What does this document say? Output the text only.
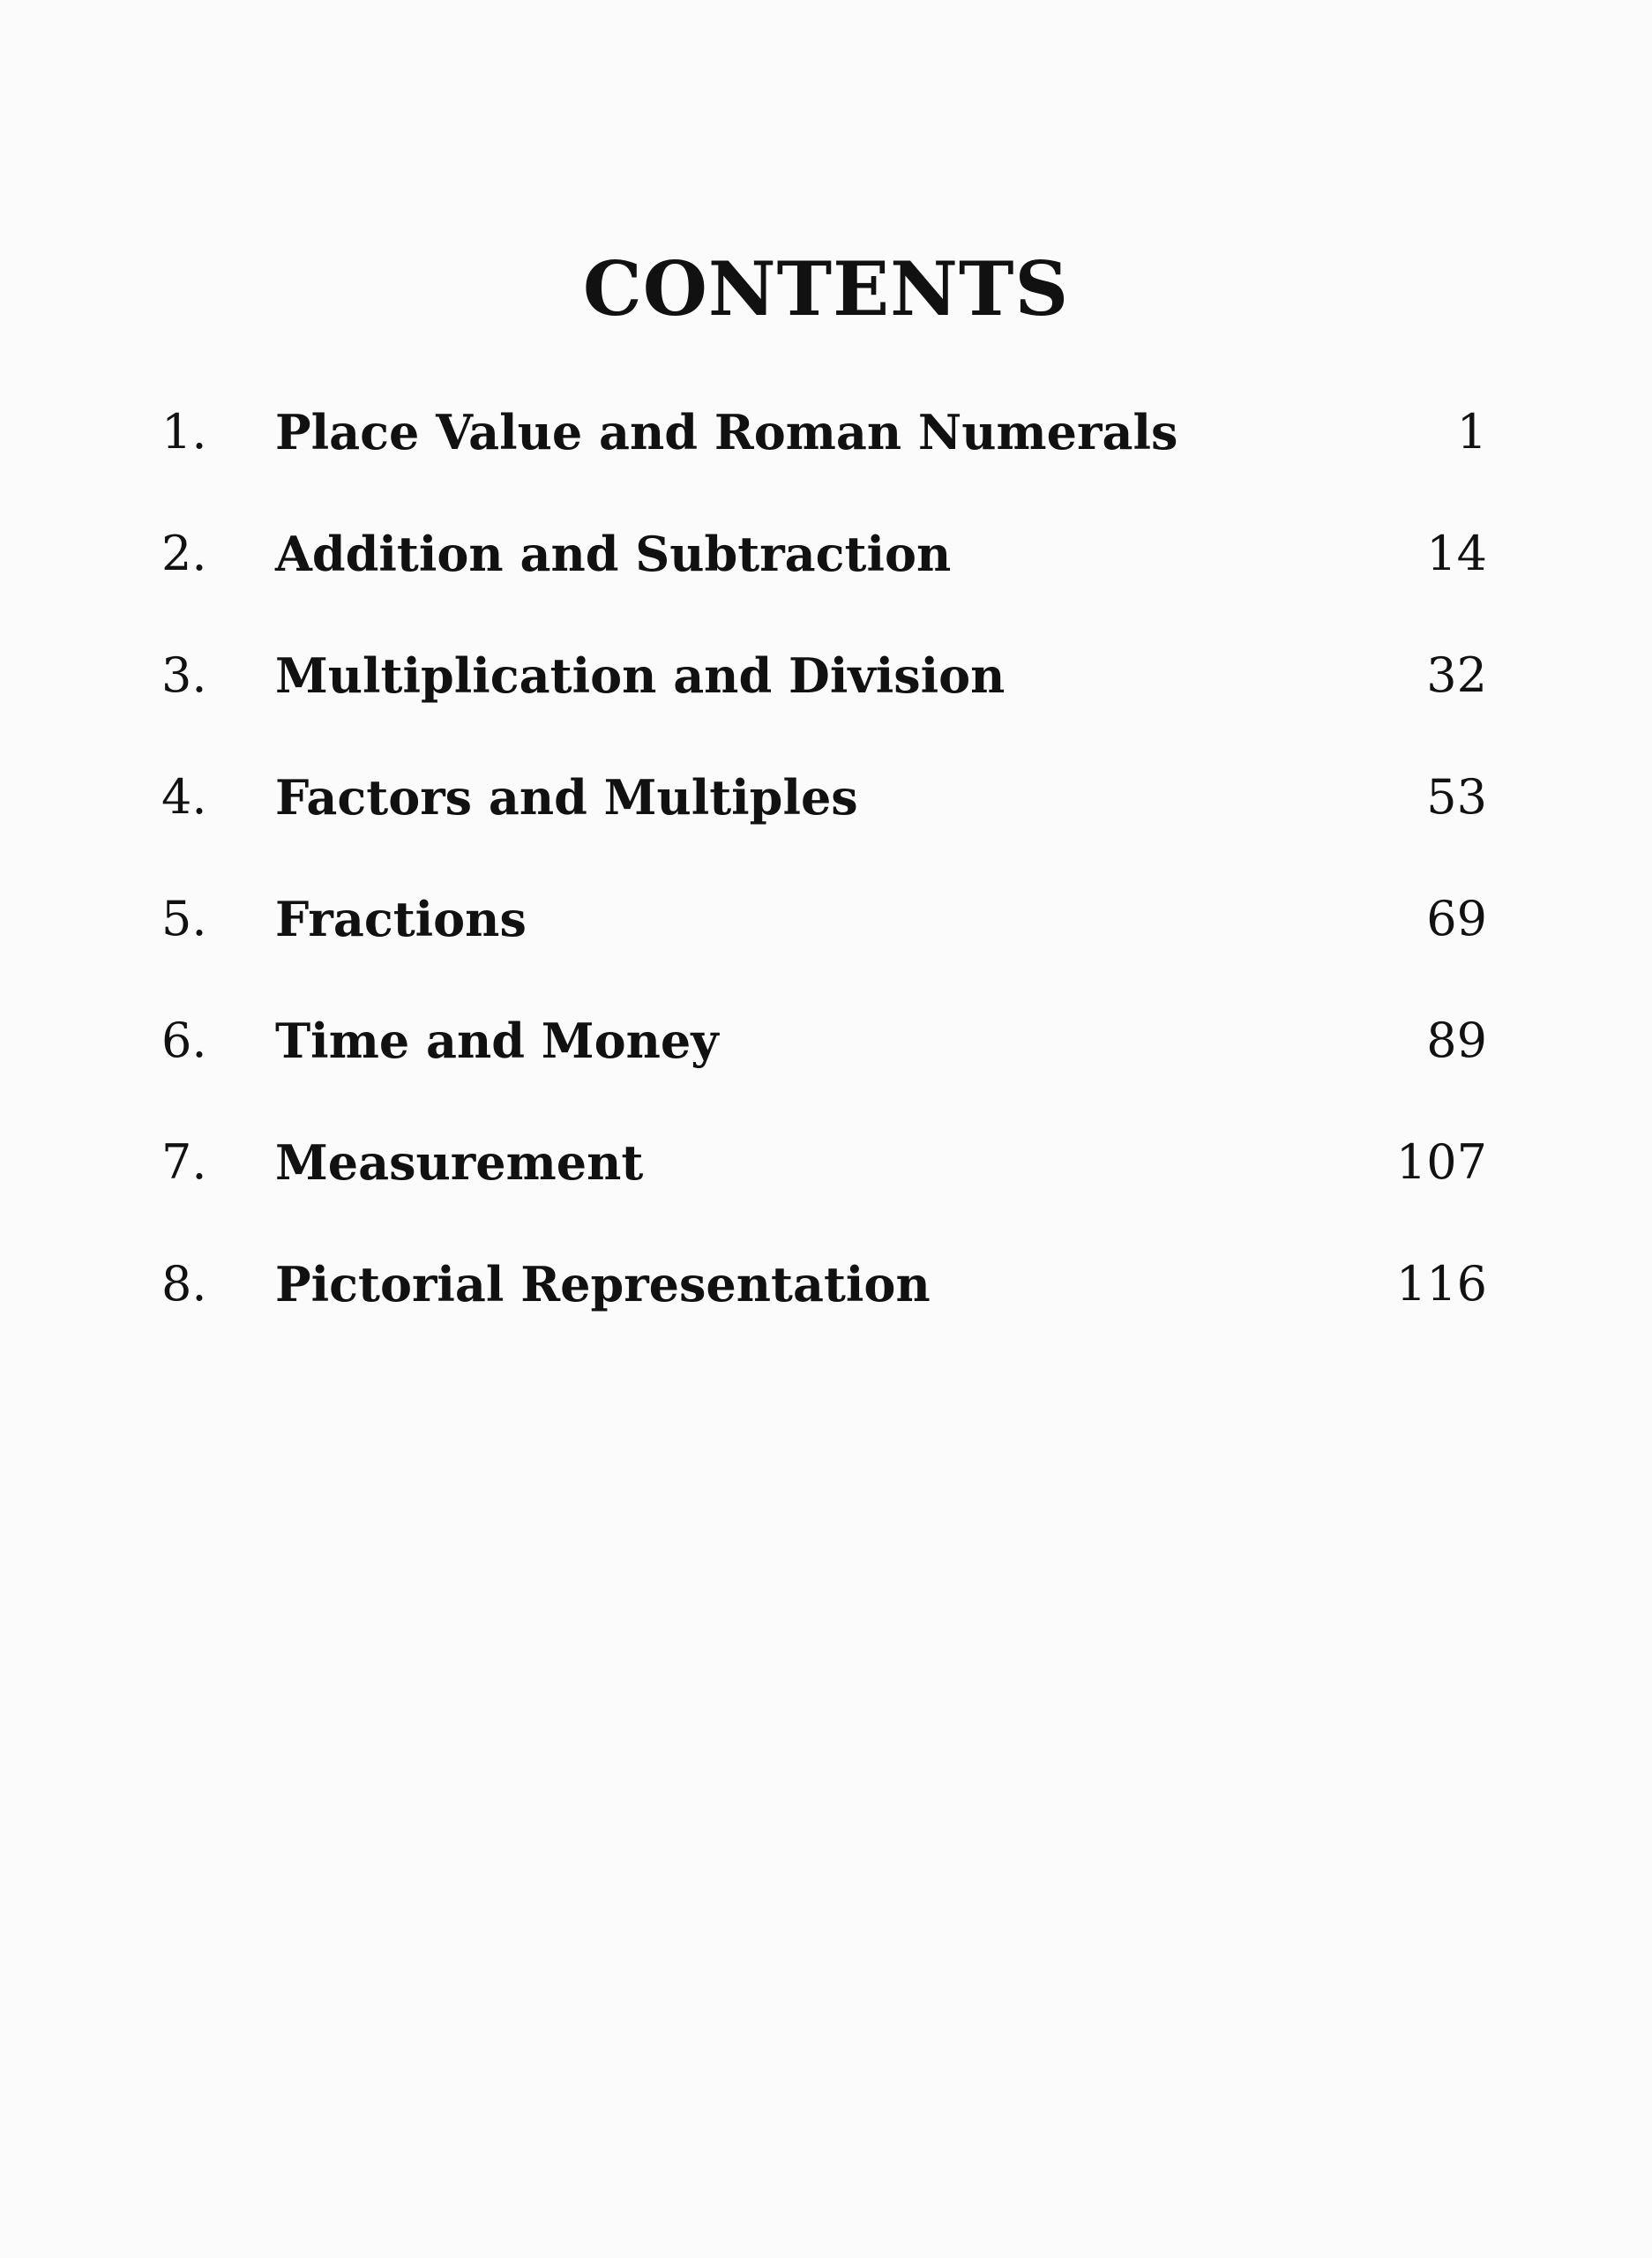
CONTENTS
1. Place Value and Roman Numerals	1
2. Addition and Subtraction	14
3. Multiplication and Division	32
4. Factors and Multiples	53
5. Fractions	69
6. Time and Money	89
7. Measurement	107
8. Pictorial Representation	116
